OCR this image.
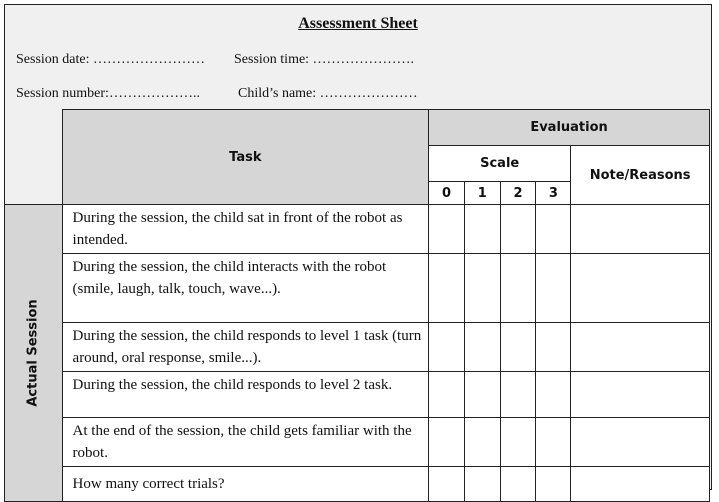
Assessment Sheet
Session date: …………………… Session time: ………………….
Session number:………………..	Child’s name: …………………
	Task	Evaluation				
		Scale				Note/Reasons
		0	1	2	3	

Actual Session	During the session, the child sat in front of the robot as intended.					
	During the session, the child interacts with the robot (smile, laugh, talk, touch, wave...).					
	During the session, the child responds to level 1 task (turn around, oral response, smile...).					
	During the session, the child responds to level 2 task.					
	At the end of the session, the child gets familiar with the robot.					
	How many correct trials?					
